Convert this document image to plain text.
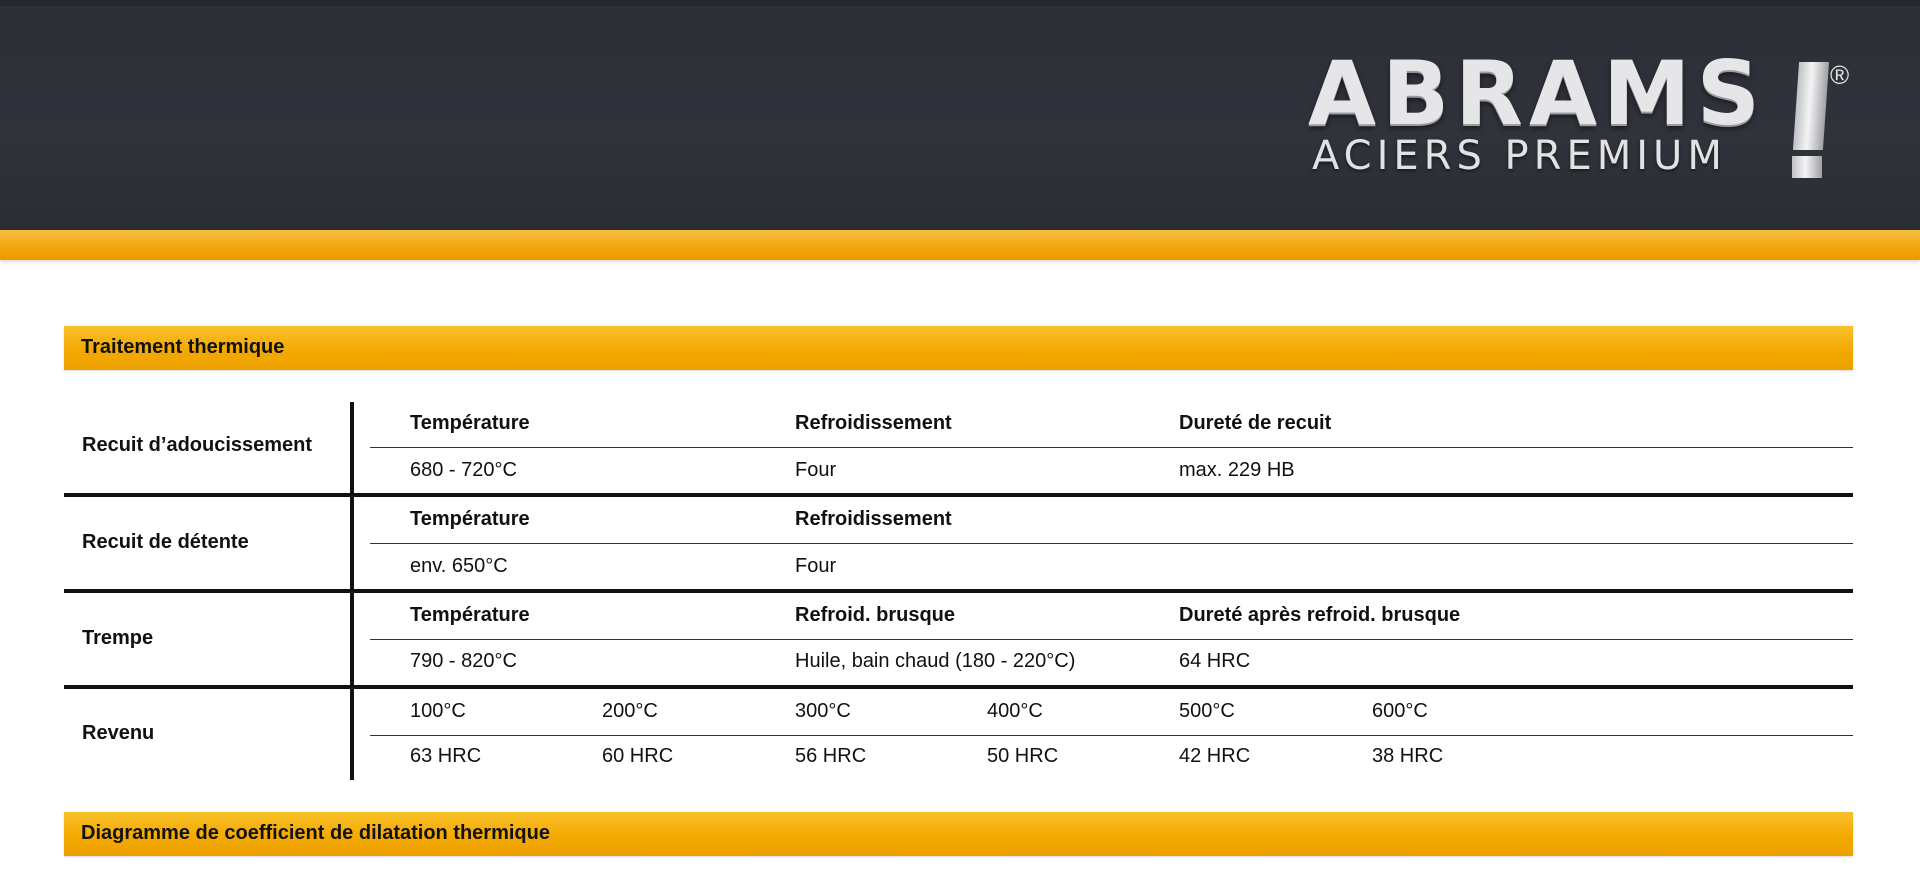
ABRAMS
ACIERS PREMIUM
®
Traitement thermique
Recuit d’adoucissement
Température	Refroidissement	Dureté de recuit
680 - 720°C	Four	max. 229 HB
Recuit de détente
Température	Refroidissement
env. 650°C	Four
Trempe
Température	Refroid. brusque	Dureté après refroid. brusque
790 - 820°C	Huile, bain chaud (180 - 220°C)	64 HRC
Revenu
100°C	200°C	300°C	400°C	500°C	600°C
63 HRC	60 HRC	56 HRC	50 HRC	42 HRC	38 HRC
Diagramme de coefficient de dilatation thermique
